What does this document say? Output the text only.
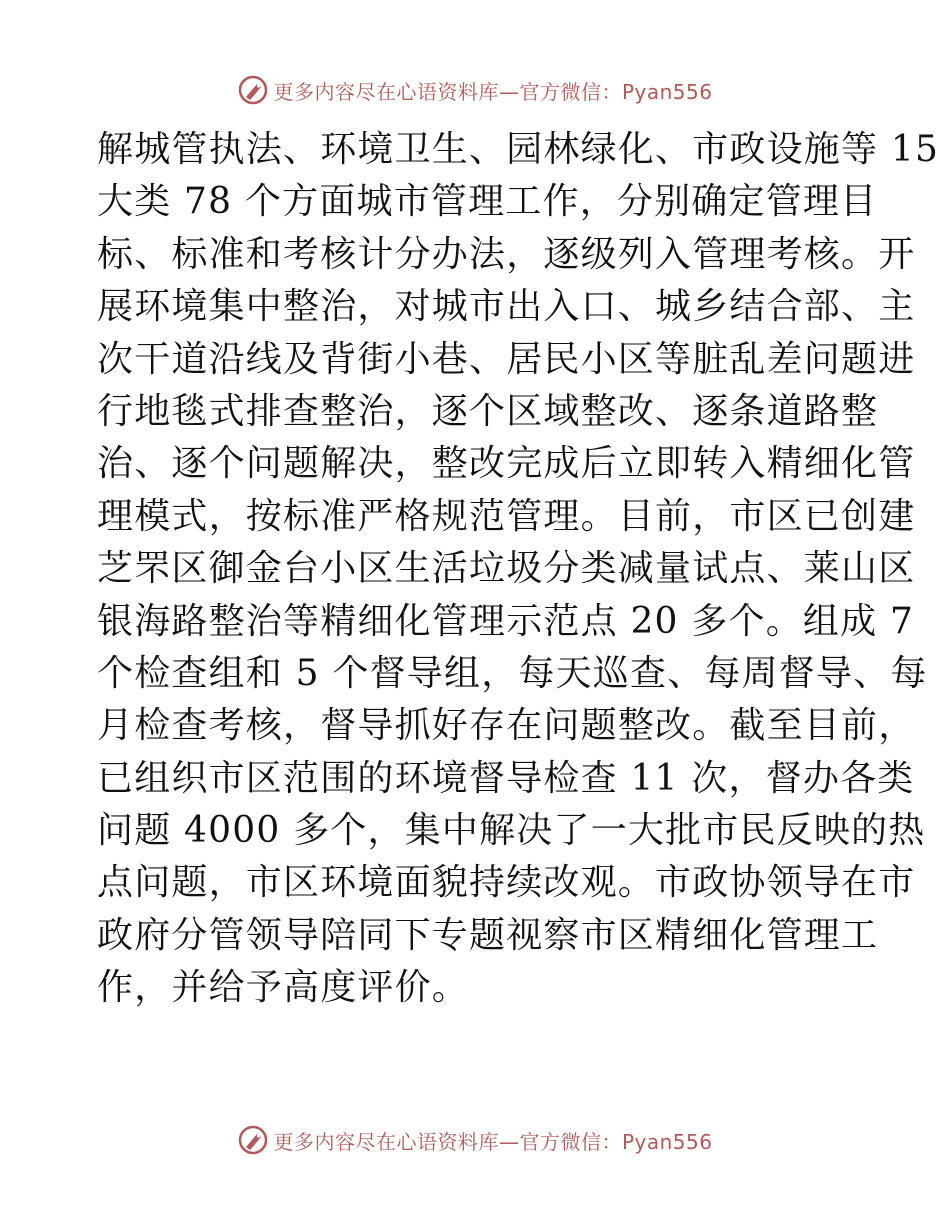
更多内容尽在心语资料库—官方微信：Pyan556
解城管执法、环境卫生、园林绿化、市政设施等 15
大类 78 个方面城市管理工作，分别确定管理目
标、标准和考核计分办法，逐级列入管理考核。开
展环境集中整治，对城市出入口、城乡结合部、主
次干道沿线及背街小巷、居民小区等脏乱差问题进
行地毯式排查整治，逐个区域整改、逐条道路整
治、逐个问题解决，整改完成后立即转入精细化管
理模式，按标准严格规范管理。目前，市区已创建
芝罘区御金台小区生活垃圾分类减量试点、莱山区
银海路整治等精细化管理示范点 20 多个。组成 7
个检查组和 5 个督导组，每天巡查、每周督导、每
月检查考核，督导抓好存在问题整改。截至目前，
已组织市区范围的环境督导检查 11 次，督办各类
问题 4000 多个，集中解决了一大批市民反映的热
点问题，市区环境面貌持续改观。市政协领导在市
政府分管领导陪同下专题视察市区精细化管理工
作，并给予高度评价。
更多内容尽在心语资料库—官方微信：Pyan556
